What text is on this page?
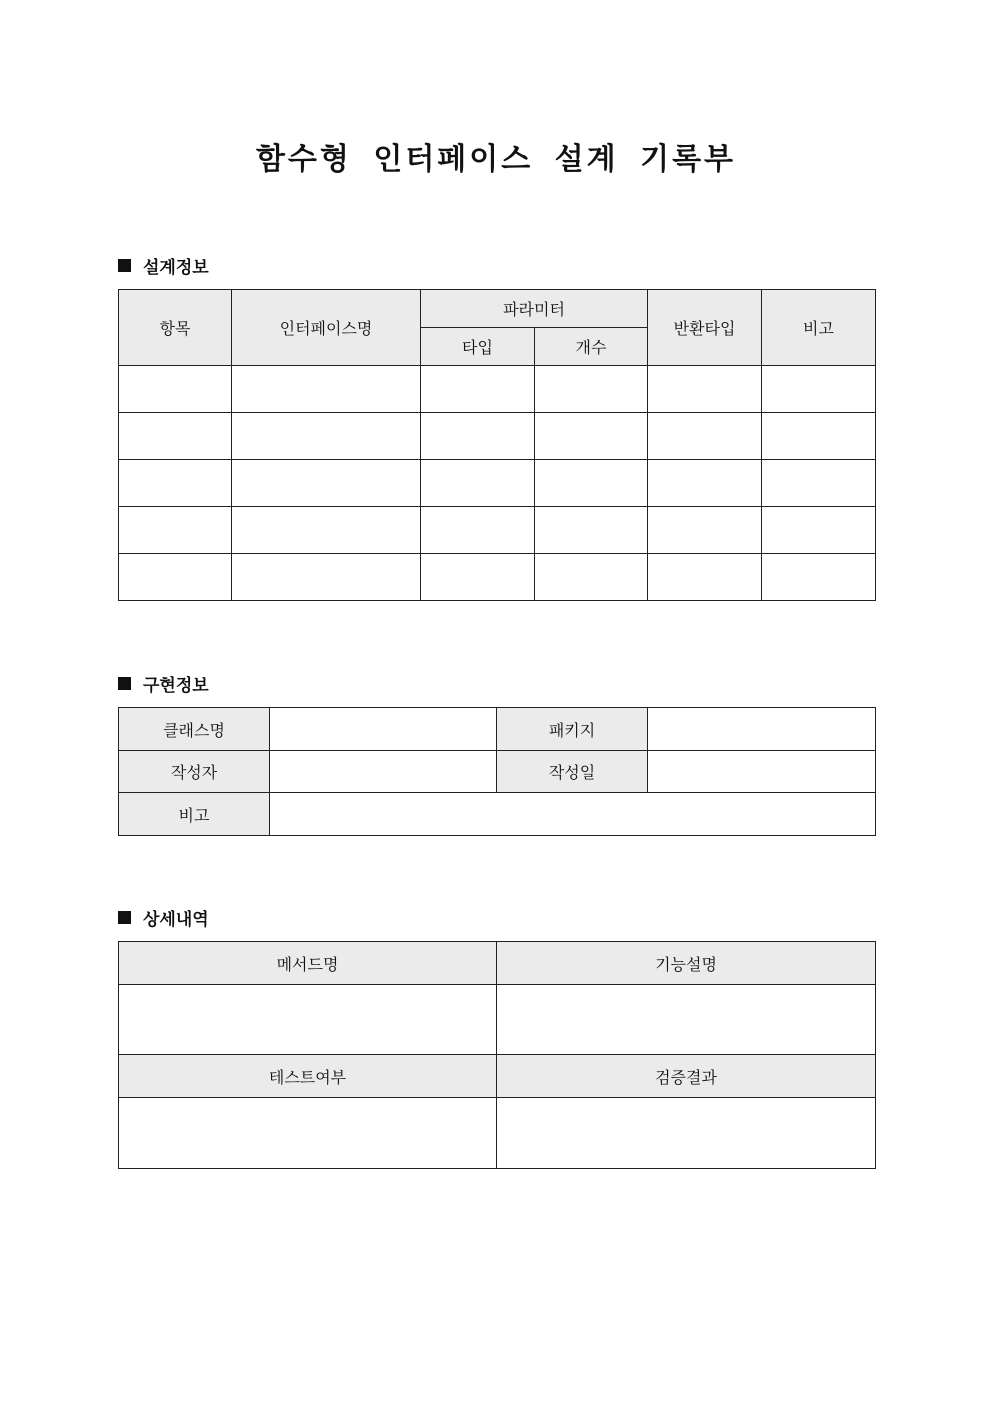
함수형 인터페이스 설계 기록부
설계정보
항목	인터페이스명	파라미터		반환타입	비고
		타입	개수		

구현정보
클래스명		패키지	
작성자		작성일	
비고			
상세내역
메서드명	기능설명

테스트여부	검증결과
